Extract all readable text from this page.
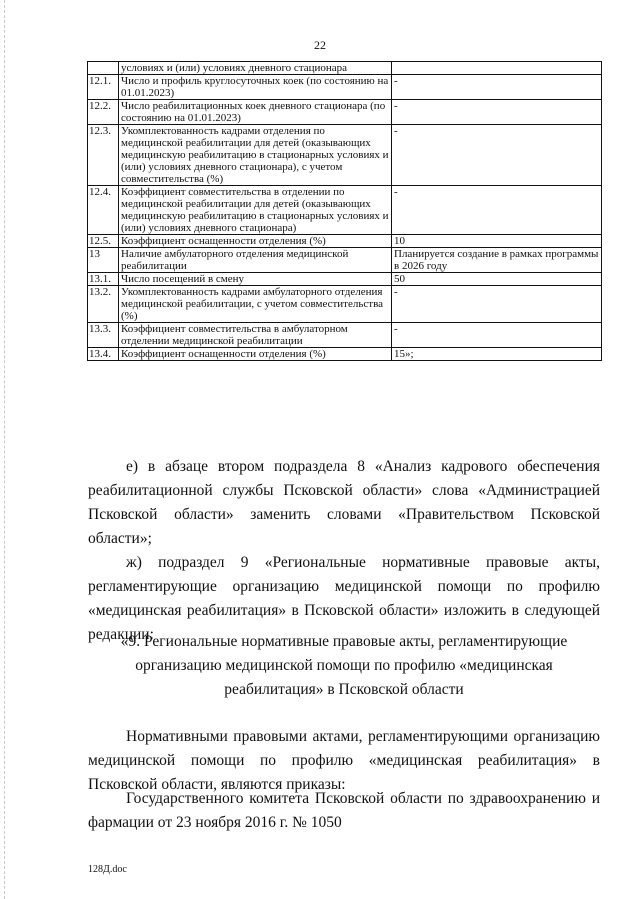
22
	условиях и (или) условиях дневного стационара	
12.1.	Число и профиль круглосуточных коек (по состоянию на 01.01.2023)	-
12.2.	Число реабилитационных коек дневного стационара (по состоянию на 01.01.2023)	-
12.3.	Укомплектованность кадрами отделения по медицинской реабилитации для детей (оказывающих медицинскую реабилитацию в стационарных условиях и (или) условиях дневного стационара), с учетом совместительства (%)	-
12.4.	Коэффициент совместительства в отделении по медицинской реабилитации для детей (оказывающих медицинскую реабилитацию в стационарных условиях и (или) условиях дневного стационара)	-
12.5.	Коэффициент оснащенности отделения (%)	10
13	Наличие амбулаторного отделения медицинской реабилитации	Планируется создание в рамках программы в 2026 году
13.1.	Число посещений в смену	50
13.2.	Укомплектованность кадрами амбулаторного отделения медицинской реабилитации, с учетом совместительства (%)	-
13.3.	Коэффициент совместительства в амбулаторном отделении медицинской реабилитации	-
13.4.	Коэффициент оснащенности отделения (%)	15»;
е) в абзаце втором подраздела 8 «Анализ кадрового обеспечения реабилитационной службы Псковской области» слова «Администрацией Псковской области» заменить словами «Правительством Псковской области»;
ж) подраздел 9 «Региональные нормативные правовые акты, регламентирующие организацию медицинской помощи по профилю «медицинская реабилитация» в Псковской области» изложить в следующей редакции:
«9. Региональные нормативные правовые акты, регламентирующие организацию медицинской помощи по профилю «медицинская реабилитация» в Псковской области
Нормативными правовыми актами, регламентирующими организацию медицинской помощи по профилю «медицинская реабилитация» в Псковской области, являются приказы:
Государственного комитета Псковской области по здравоохранению и фармации от 23 ноября 2016 г. № 1050
128Д.doc
